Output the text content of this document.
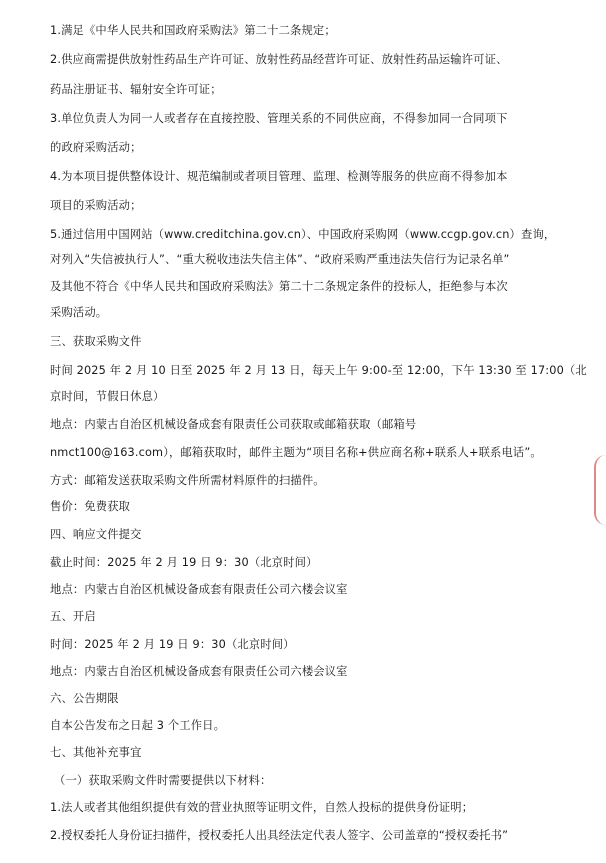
1.满足《中华人民共和国政府采购法》第二十二条规定；
2.供应商需提供放射性药品生产许可证、放射性药品经营许可证、放射性药品运输许可证、
药品注册证书、辐射安全许可证；
3.单位负责人为同一人或者存在直接控股、管理关系的不同供应商，不得参加同一合同项下
的政府采购活动；
4.为本项目提供整体设计、规范编制或者项目管理、监理、检测等服务的供应商不得参加本
项目的采购活动；
5.通过信用中国网站（www.creditchina.gov.cn）、中国政府采购网（www.ccgp.gov.cn）查询，
对列入“失信被执行人”、“重大税收违法失信主体”、“政府采购严重违法失信行为记录名单”
及其他不符合《中华人民共和国政府采购法》第二十二条规定条件的投标人，拒绝参与本次
采购活动。
三、获取采购文件
时间 2025 年 2 月 10 日至 2025 年 2 月 13 日，每天上午 9:00-至 12:00，下午 13:30 至 17:00（北
京时间，节假日休息）
地点：内蒙古自治区机械设备成套有限责任公司获取或邮箱获取（邮箱号
nmct100@163.com），邮箱获取时，邮件主题为“项目名称+供应商名称+联系人+联系电话”。
方式：邮箱发送获取采购文件所需材料原件的扫描件。
售价：免费获取
四、响应文件提交
截止时间：2025 年 2 月 19 日 9：30（北京时间）
地点：内蒙古自治区机械设备成套有限责任公司六楼会议室
五、开启
时间：2025 年 2 月 19 日 9：30（北京时间）
地点：内蒙古自治区机械设备成套有限责任公司六楼会议室
六、公告期限
自本公告发布之日起 3 个工作日。
七、其他补充事宜
（一）获取采购文件时需要提供以下材料：
1.法人或者其他组织提供有效的营业执照等证明文件，自然人投标的提供身份证明；
2.授权委托人身份证扫描件，授权委托人出具经法定代表人签字、公司盖章的“授权委托书”
